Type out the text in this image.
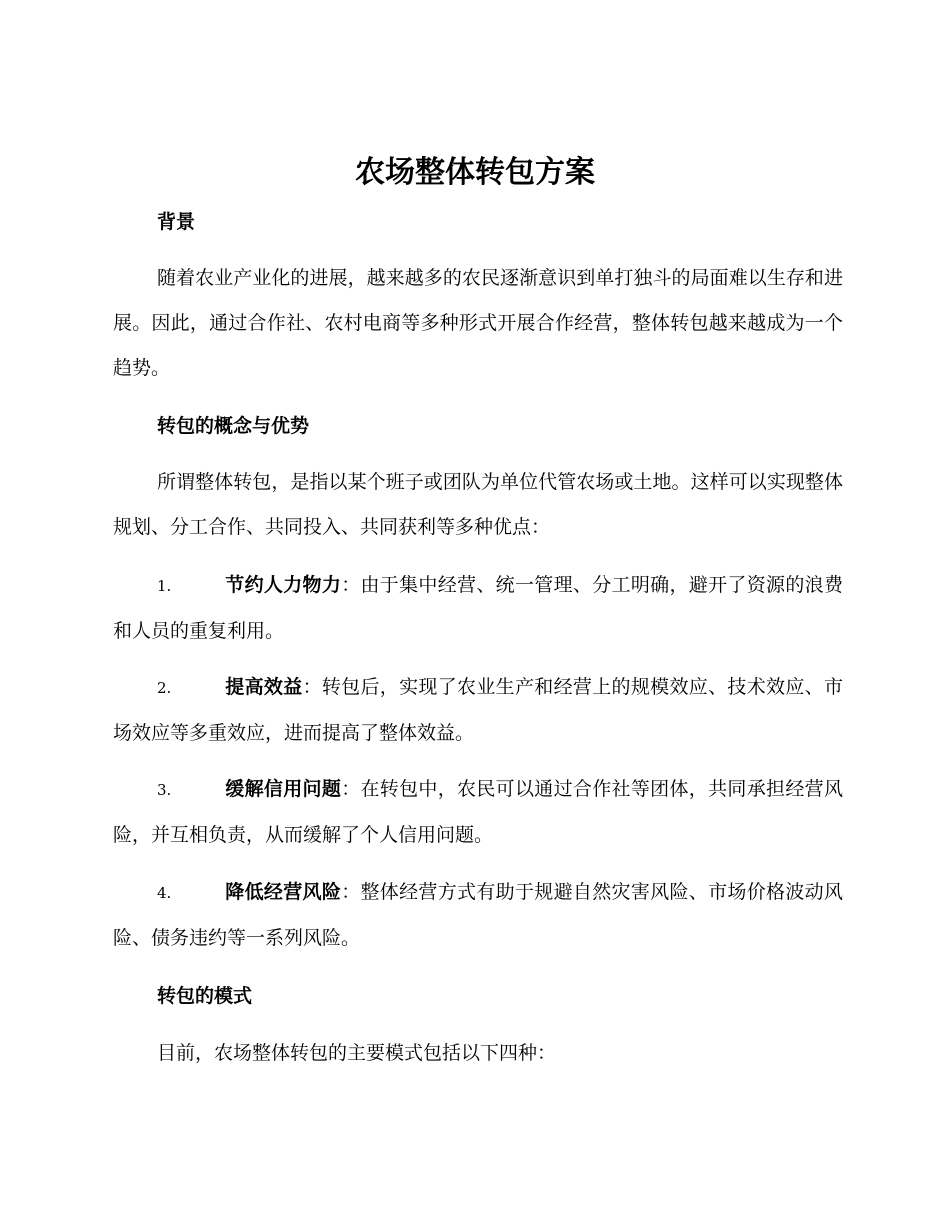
农场整体转包方案
背景

随着农业产业化的进展，越来越多的农民逐渐意识到单打独斗的局面难以生存和进展。因此，通过合作社、农村电商等多种形式开展合作经营，整体转包越来越成为一个趋势。

转包的概念与优势

所谓整体转包，是指以某个班子或团队为单位代管农场或土地。这样可以实现整体规划、分工合作、共同投入、共同获利等多种优点：

1.	节约人力物力：由于集中经营、统一管理、分工明确，避开了资源的浪费和人员的重复利用。
2.	提高效益：转包后，实现了农业生产和经营上的规模效应、技术效应、市场效应等多重效应，进而提高了整体效益。
3.	缓解信用问题：在转包中，农民可以通过合作社等团体，共同承担经营风险，并互相负责，从而缓解了个人信用问题。
4.	降低经营风险：整体经营方式有助于规避自然灾害风险、市场价格波动风险、债务违约等一系列风险。
转包的模式

目前，农场整体转包的主要模式包括以下四种：
